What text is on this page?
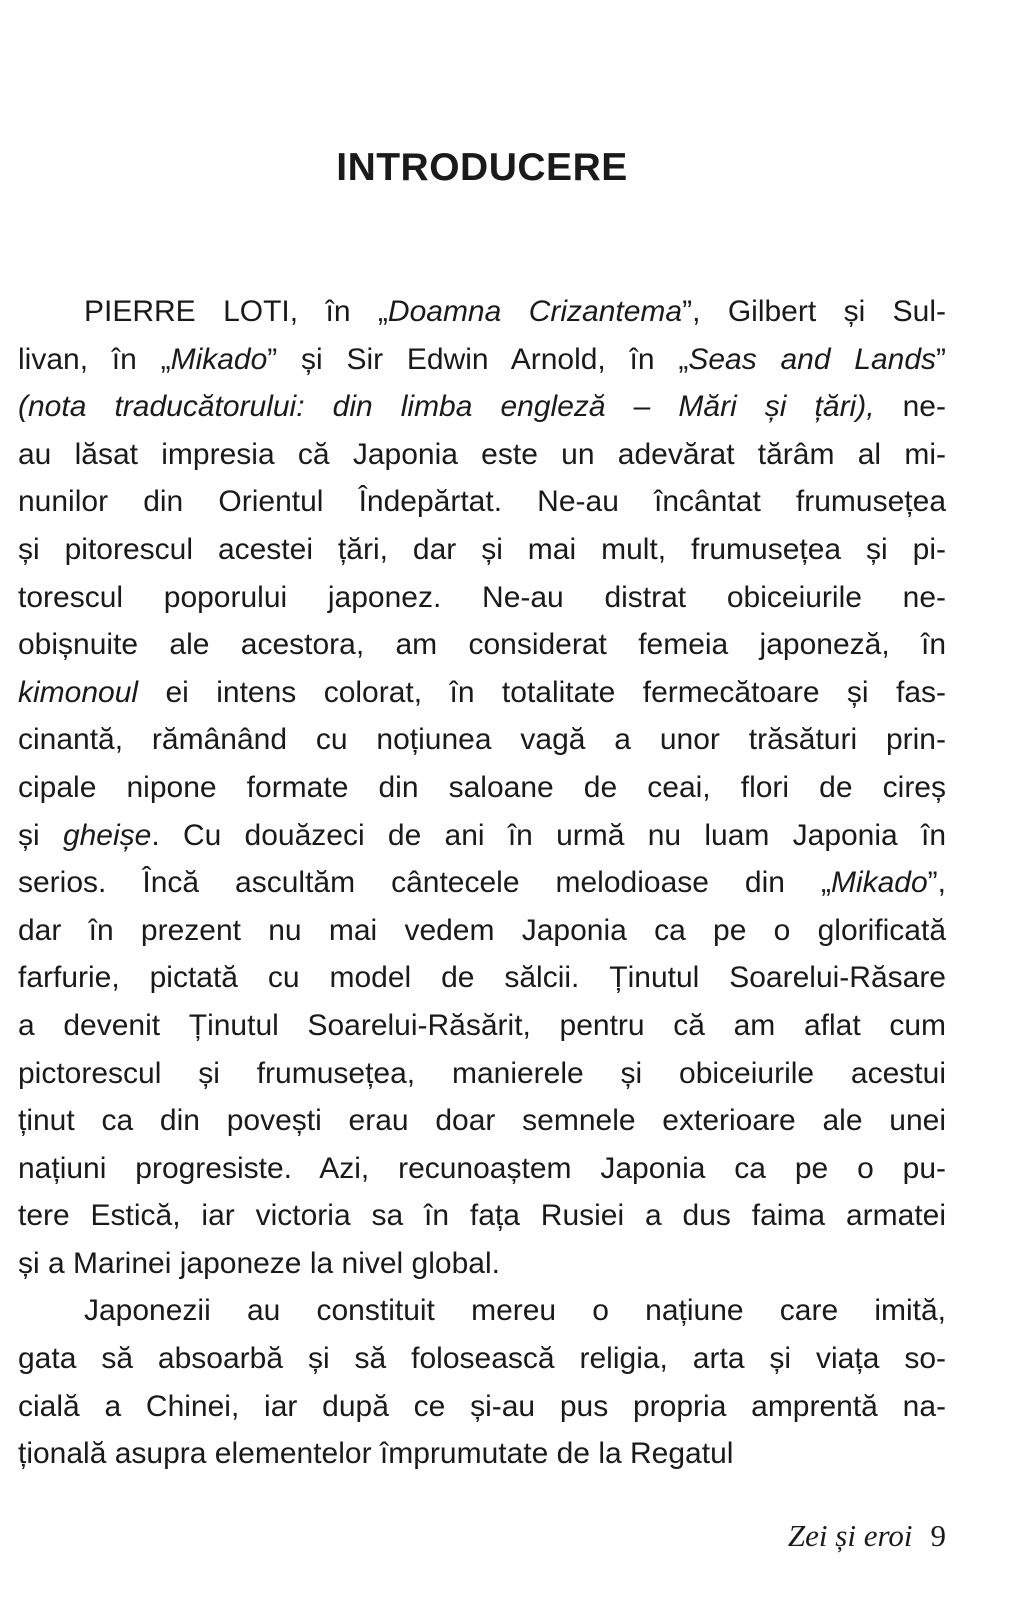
INTRODUCERE
PIERRE LOTI, în „Doamna Crizantema”, Gilbert și Sul-
livan, în „Mikado” și Sir Edwin Arnold, în „Seas and Lands”
(nota traducătorului: din limba engleză – Mări și țări), ne-
au lăsat impresia că Japonia este un adevărat tărâm al mi-
nunilor din Orientul Îndepărtat. Ne-au încântat frumusețea
și pitorescul acestei țări, dar și mai mult, frumusețea și pi-
torescul poporului japonez. Ne-au distrat obiceiurile ne-
obișnuite ale acestora, am considerat femeia japoneză, în
kimonoul ei intens colorat, în totalitate fermecătoare și fas-
cinantă, rămânând cu noțiunea vagă a unor trăsături prin-
cipale nipone formate din saloane de ceai, flori de cireș
și gheișe. Cu douăzeci de ani în urmă nu luam Japonia în
serios. Încă ascultăm cântecele melodioase din „Mikado”,
dar în prezent nu mai vedem Japonia ca pe o glorificată
farfurie, pictată cu model de sălcii. Ținutul Soarelui-Răsare
a devenit Ținutul Soarelui-Răsărit, pentru că am aflat cum
pictorescul și frumusețea, manierele și obiceiurile acestui
ținut ca din povești erau doar semnele exterioare ale unei
națiuni progresiste. Azi, recunoaștem Japonia ca pe o pu-
tere Estică, iar victoria sa în fața Rusiei a dus faima armatei
și a Marinei japoneze la nivel global.
Japonezii au constituit mereu o națiune care imită,
gata să absoarbă și să folosească religia, arta și viața so-
cială a Chinei, iar după ce și-au pus propria amprentă na-
țională asupra elementelor împrumutate de la Regatul
Zei și eroi 9
